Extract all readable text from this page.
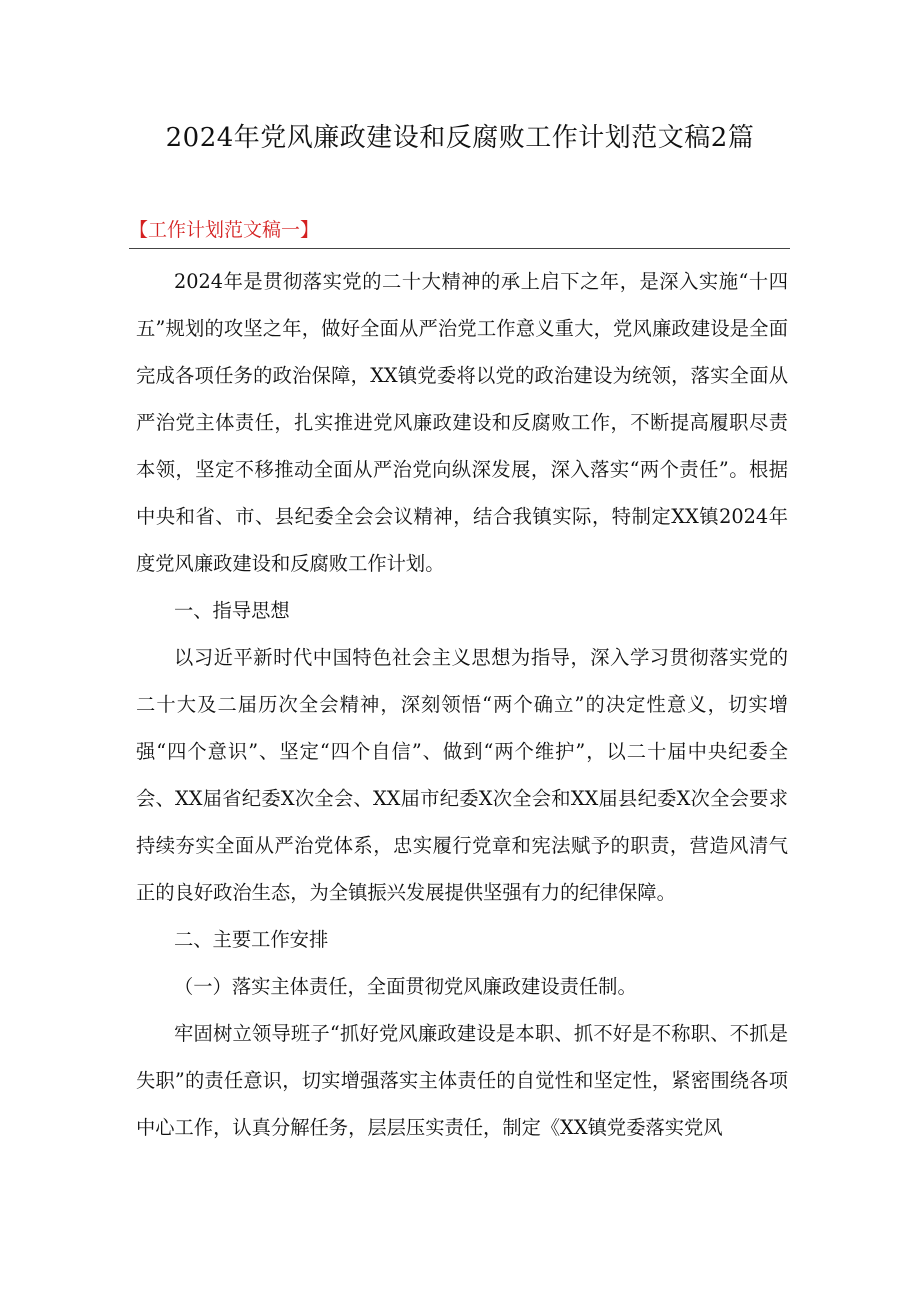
2024年党风廉政建设和反腐败工作计划范文稿2篇
【工作计划范文稿一】

2024年是贯彻落实党的二十大精神的承上启下之年，是深入实施“十四五”规划的攻坚之年，做好全面从严治党工作意义重大，党风廉政建设是全面完成各项任务的政治保障，XX镇党委将以党的政治建设为统领，落实全面从严治党主体责任，扎实推进党风廉政建设和反腐败工作，不断提高履职尽责本领，坚定不移推动全面从严治党向纵深发展，深入落实“两个责任”。根据中央和省、市、县纪委全会会议精神，结合我镇实际，特制定XX镇2024年度党风廉政建设和反腐败工作计划。

一、指导思想

以习近平新时代中国特色社会主义思想为指导，深入学习贯彻落实党的二十大及二届历次全会精神，深刻领悟“两个确立”的决定性意义，切实增强“四个意识”、坚定“四个自信”、做到“两个维护”，以二十届中央纪委全会、XX届省纪委X次全会、XX届市纪委X次全会和XX届县纪委X次全会要求持续夯实全面从严治党体系，忠实履行党章和宪法赋予的职责，营造风清气正的良好政治生态，为全镇振兴发展提供坚强有力的纪律保障。

二、主要工作安排

（一）落实主体责任，全面贯彻党风廉政建设责任制。

牢固树立领导班子“抓好党风廉政建设是本职、抓不好是不称职、不抓是失职”的责任意识，切实增强落实主体责任的自觉性和坚定性，紧密围绕各项中心工作，认真分解任务，层层压实责任，制定《XX镇党委落实党风
